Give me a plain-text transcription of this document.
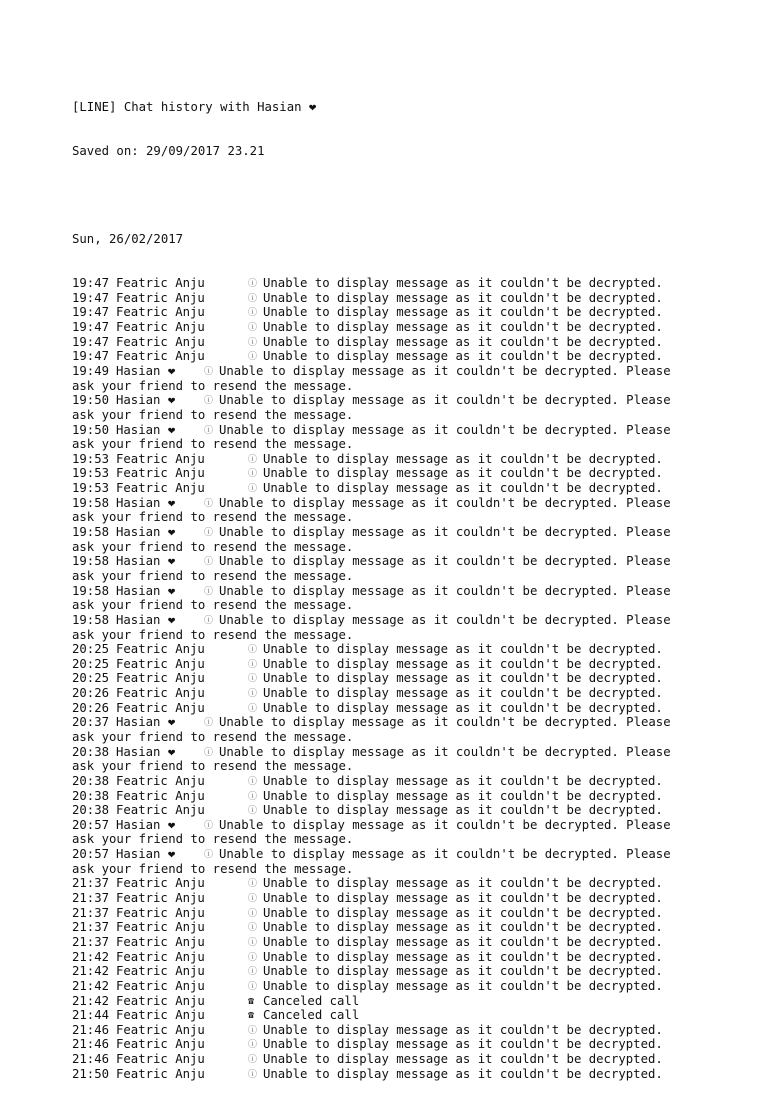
[LINE] Chat history with Hasian ❤

Saved on: 29/09/2017 23.21

Sun, 26/02/2017

19:47 Featric Anju	ⓘ Unable to display message as it couldn't be decrypted.
19:47 Featric Anju	ⓘ Unable to display message as it couldn't be decrypted.
19:47 Featric Anju	ⓘ Unable to display message as it couldn't be decrypted.
19:47 Featric Anju	ⓘ Unable to display message as it couldn't be decrypted.
19:47 Featric Anju	ⓘ Unable to display message as it couldn't be decrypted.
19:47 Featric Anju	ⓘ Unable to display message as it couldn't be decrypted.
19:49 Hasian ❤	ⓘ Unable to display message as it couldn't be decrypted. Please
ask your friend to resend the message.
19:50 Hasian ❤	ⓘ Unable to display message as it couldn't be decrypted. Please
ask your friend to resend the message.
19:50 Hasian ❤	ⓘ Unable to display message as it couldn't be decrypted. Please
ask your friend to resend the message.
19:53 Featric Anju	ⓘ Unable to display message as it couldn't be decrypted.
19:53 Featric Anju	ⓘ Unable to display message as it couldn't be decrypted.
19:53 Featric Anju	ⓘ Unable to display message as it couldn't be decrypted.
19:58 Hasian ❤	ⓘ Unable to display message as it couldn't be decrypted. Please
ask your friend to resend the message.
19:58 Hasian ❤	ⓘ Unable to display message as it couldn't be decrypted. Please
ask your friend to resend the message.
19:58 Hasian ❤	ⓘ Unable to display message as it couldn't be decrypted. Please
ask your friend to resend the message.
19:58 Hasian ❤	ⓘ Unable to display message as it couldn't be decrypted. Please
ask your friend to resend the message.
19:58 Hasian ❤	ⓘ Unable to display message as it couldn't be decrypted. Please
ask your friend to resend the message.
20:25 Featric Anju	ⓘ Unable to display message as it couldn't be decrypted.
20:25 Featric Anju	ⓘ Unable to display message as it couldn't be decrypted.
20:25 Featric Anju	ⓘ Unable to display message as it couldn't be decrypted.
20:26 Featric Anju	ⓘ Unable to display message as it couldn't be decrypted.
20:26 Featric Anju	ⓘ Unable to display message as it couldn't be decrypted.
20:37 Hasian ❤	ⓘ Unable to display message as it couldn't be decrypted. Please
ask your friend to resend the message.
20:38 Hasian ❤	ⓘ Unable to display message as it couldn't be decrypted. Please
ask your friend to resend the message.
20:38 Featric Anju	ⓘ Unable to display message as it couldn't be decrypted.
20:38 Featric Anju	ⓘ Unable to display message as it couldn't be decrypted.
20:38 Featric Anju	ⓘ Unable to display message as it couldn't be decrypted.
20:57 Hasian ❤	ⓘ Unable to display message as it couldn't be decrypted. Please
ask your friend to resend the message.
20:57 Hasian ❤	ⓘ Unable to display message as it couldn't be decrypted. Please
ask your friend to resend the message.
21:37 Featric Anju	ⓘ Unable to display message as it couldn't be decrypted.
21:37 Featric Anju	ⓘ Unable to display message as it couldn't be decrypted.
21:37 Featric Anju	ⓘ Unable to display message as it couldn't be decrypted.
21:37 Featric Anju	ⓘ Unable to display message as it couldn't be decrypted.
21:37 Featric Anju	ⓘ Unable to display message as it couldn't be decrypted.
21:42 Featric Anju	ⓘ Unable to display message as it couldn't be decrypted.
21:42 Featric Anju	ⓘ Unable to display message as it couldn't be decrypted.
21:42 Featric Anju	ⓘ Unable to display message as it couldn't be decrypted.
21:42 Featric Anju	☎ Canceled call
21:44 Featric Anju	☎ Canceled call
21:46 Featric Anju	ⓘ Unable to display message as it couldn't be decrypted.
21:46 Featric Anju	ⓘ Unable to display message as it couldn't be decrypted.
21:46 Featric Anju	ⓘ Unable to display message as it couldn't be decrypted.
21:50 Featric Anju	ⓘ Unable to display message as it couldn't be decrypted.
